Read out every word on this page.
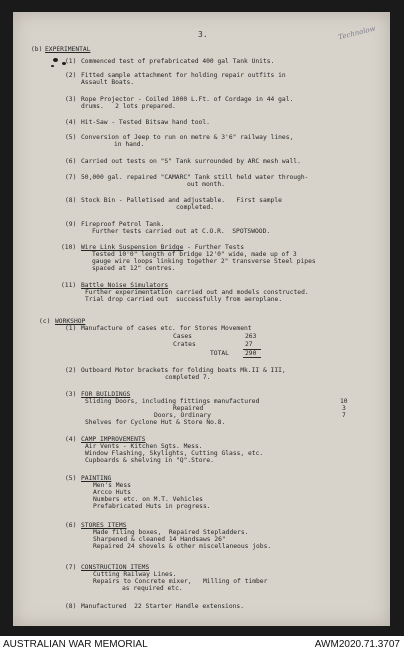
3.	Technolow
(b) EXPERIMENTAL
(1) Commenced test of prefabricated 400 gal Tank Units.
(2) Fitted sample attachment for holding repair outfits in
Assault Boats.
(3) Rope Projector - Coiled 1000 L.Ft. of Cordage in 44 gal.
drums.   2 lots prepared.
(4) Hit-Saw - Tested Bitsaw hand tool.
(5) Conversion of Jeep to run on metre & 3'6" railway lines,
in hand.
(6) Carried out tests on "S" Tank surrounded by ARC mesh wall.
(7) 50,000 gal. repaired "CAMARC" Tank still held water through-
out month.
(8) Stock Bin - Palletised and adjustable.   First sample
completed.
(9) Fireproof Petrol Tank.
Further tests carried out at C.O.R.  SPOTSWOOD.
(10) Wire Link Suspension Bridge - Further Tests
Tested 10'0" length of bridge 12'0" wide, made up of 3
gauge wire loops linking together 2" transverse Steel pipes
spaced at 12" centres.
(11) Battle Noise Simulators
Further experimentation carried out and models constructed.
Trial drop carried out  successfully from aeroplane.
(c) WORKSHOP
(1) Manufacture of cases etc. for Stores Movement
Cases	263
Crates	27
TOTAL	290
(2) Outboard Motor brackets for folding boats Mk.II & III,
completed 7.
(3) FOR BUILDINGS
Sliding Doors, including fittings manufactured	10
Repaired	3
Doors, Ordinary	7
Shelves for Cyclone Hut & Store No.8.
(4) CAMP IMPROVEMENTS
Air Vents - Kitchen Sgts. Mess.
Window Flashing, Skylights, Cutting Glass, etc.
Cupboards & shelving in "Q".Store.
(5) PAINTING
Men's Mess
Arcco Huts
Numbers etc. on M.T. Vehicles
Prefabricated Huts in progress.
(6) STORES ITEMS
Made filing boxes,  Repaired Stepladders.
Sharpened & cleaned 14 Handsaws 26"
Repaired 24 shovels & other miscellaneous jobs.
(7) CONSTRUCTION ITEMS
Cutting Railway Lines.
Repairs to Concrete mixer,   Milling of timber
as required etc.
(8) Manufactured  22 Starter Handle extensions.
AUSTRALIAN WAR MEMORIAL	AWM2020.71.3707
